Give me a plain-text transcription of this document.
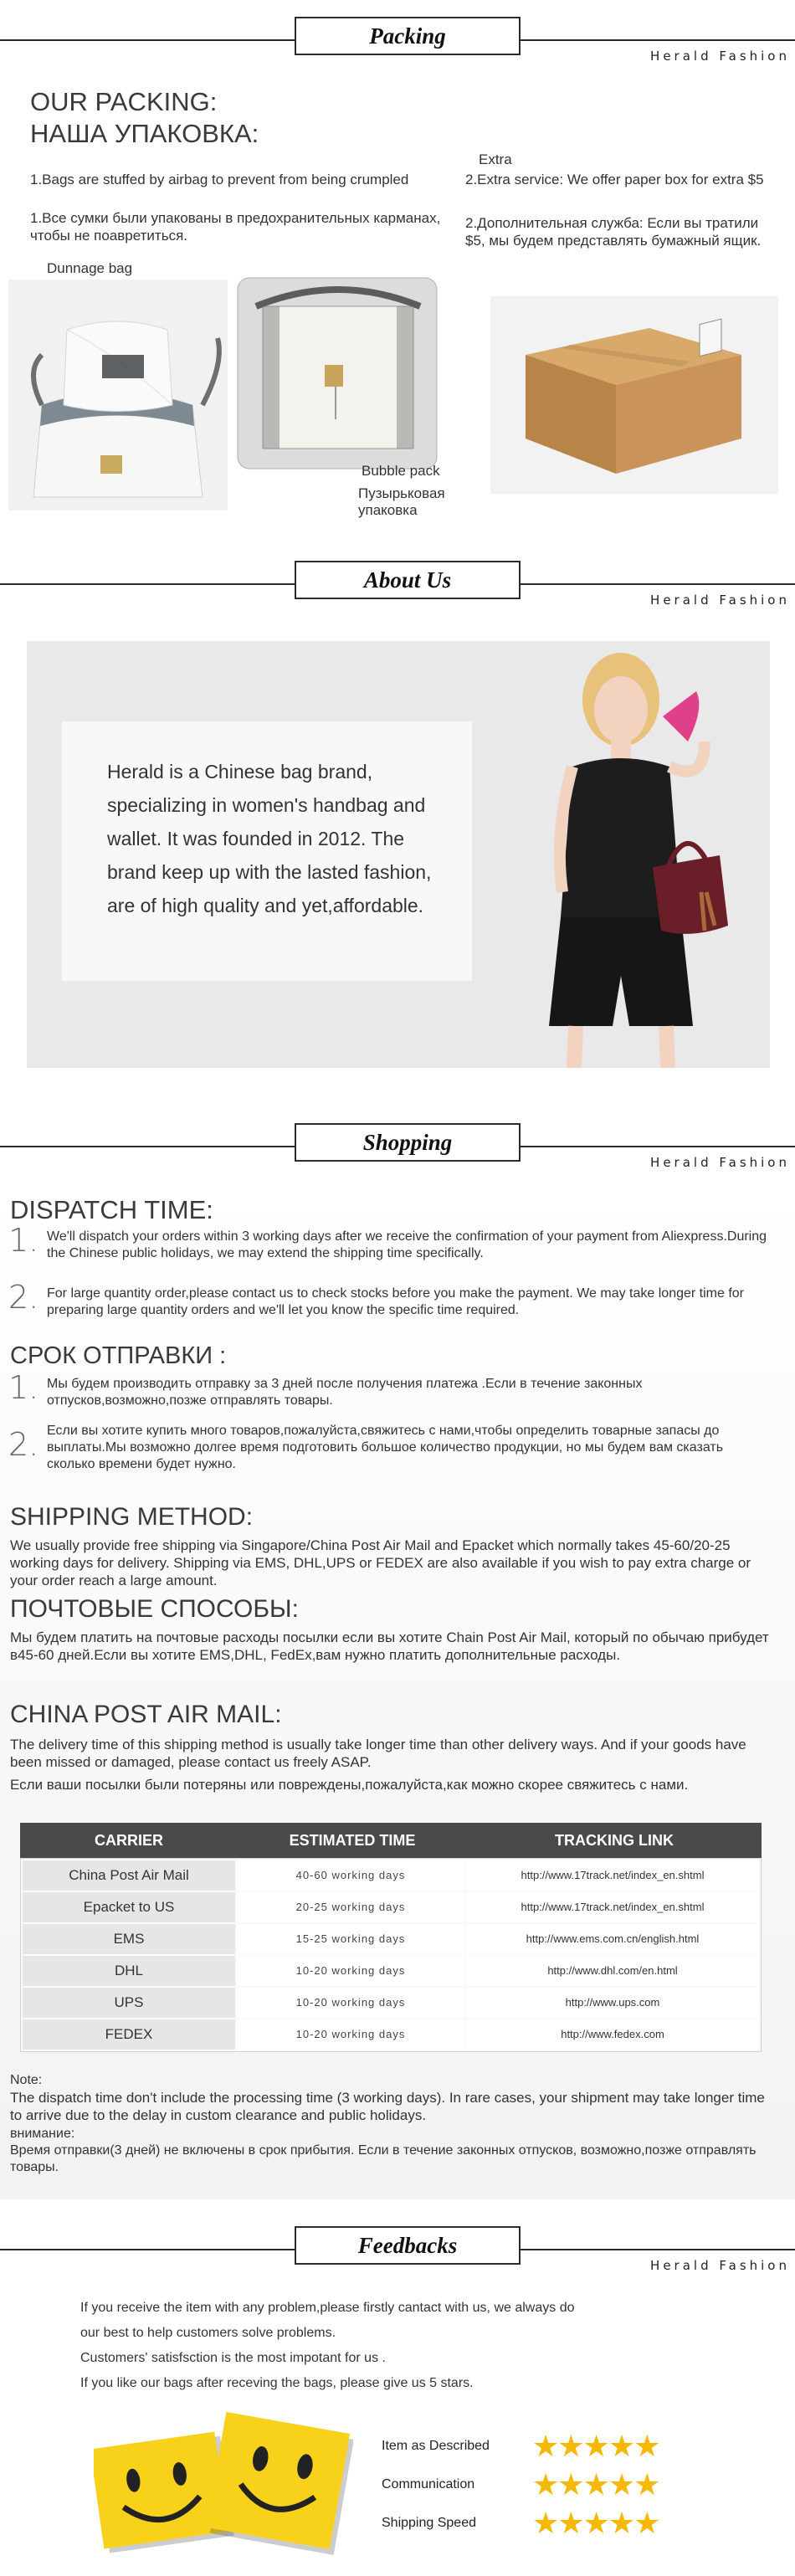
Packing
Herald Fashion
OUR PACKING:
НАША УПАКОВКА:
1.Bags are stuffed by airbag to prevent from being crumpled
1.Все сумки были упакованы в предохранительных карманах, чтобы не поавретиться.
Dunnage bag
Bubble pack
Пузырьковая упаковка
Extra
2.Extra service: We offer paper box for extra $5
2.Дополнительная служба: Если вы тратили $5, мы будем представлять бумажный ящик.
About Us
Herald Fashion
Herald is a Chinese bag brand, specializing in women's handbag and wallet. It was founded in 2012. The brand keep up with the lasted fashion, are of high quality and yet,affordable.
Shopping
Herald Fashion
DISPATCH TIME:
1. We'll dispatch your orders within 3 working days after we receive the confirmation of your payment from Aliexpress.During the Chinese public holidays, we may extend the shipping time specifically.
2. For large quantity order,please contact us to check stocks before you make the payment. We may take longer time for preparing large quantity orders and we'll let you know the specific time required.
СРОК ОТПРАВКИ :
1. Мы будем производить отправку за 3 дней после получения платежа .Если в течение законных отпусков,возможно,позже отправлять товары.
2. Если вы хотите купить много товаров,пожалуйста,свяжитесь с нами,чтобы определить товарные запасы до выплаты.Мы возможно долгее время подготовить большое количество продукции, но мы будем вам сказать сколько времени будет нужно.
SHIPPING METHOD:
We usually provide free shipping via Singapore/China Post Air Mail and Epacket which normally takes 45-60/20-25 working days for delivery. Shipping via EMS, DHL,UPS or FEDEX are also available if you wish to pay extra charge or your order reach a large amount.
ПОЧТОВЫЕ СПОСОБЫ:
Мы будем платить на почтовые расходы посылки если вы хотите Chain Post Air Mail, который по обычаю прибудет в45-60 дней.Если вы хотите EMS,DHL, FedEx,вам нужно платить дополнительные расходы.
CHINA POST AIR MAIL:
The delivery time of this shipping method is usually take longer time than other delivery ways. And if your goods have been missed or damaged, please contact us freely ASAP.
Если ваши посылки были потеряны или повреждены,пожалуйста,как можно скорее свяжитесь с нами.
CARRIER	ESTIMATED TIME	TRACKING LINK
China Post Air Mail	40-60 working days	http://www.17track.net/index_en.shtml
Epacket to US	20-25 working days	http://www.17track.net/index_en.shtml
EMS	15-25 working days	http://www.ems.com.cn/english.html
DHL	10-20 working days	http://www.dhl.com/en.html
UPS	10-20 working days	http://www.ups.com
FEDEX	10-20 working days	http://www.fedex.com
Note:
The dispatch time don't include the processing time (3 working days). In rare cases, your shipment may take longer time to arrive due to the delay in custom clearance and public holidays.
внимание:
Время отправки(3 дней) не включены в срок прибытия. Если в течение законных отпусков, возможно,позже отправлять товары.
Feedbacks
Herald Fashion
If you receive the item with any problem,please firstly cantact with us, we always do
our best to help customers solve problems.
Customers' satisfsction is the most impotant for us .
If you like our bags after receving the bags, please give us 5 stars.
Item as Described	★★★★★
Communication	★★★★★
Shipping Speed	★★★★★
